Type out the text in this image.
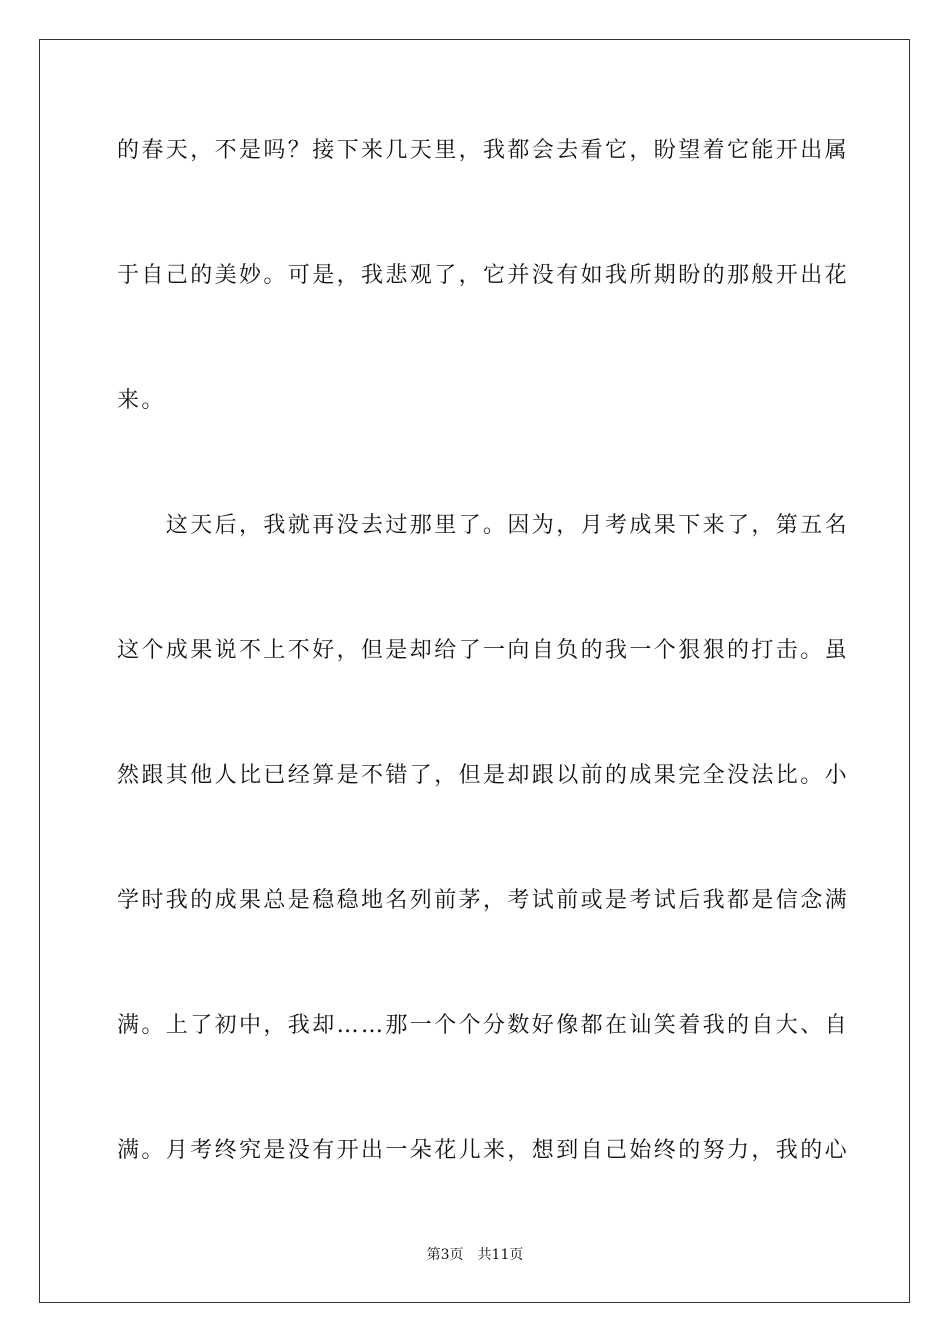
的春天，不是吗？接下来几天里，我都会去看它，盼望着它能开出属
于自己的美妙。可是，我悲观了，它并没有如我所期盼的那般开出花
来。
　　这天后，我就再没去过那里了。因为，月考成果下来了，第五名
这个成果说不上不好，但是却给了一向自负的我一个狠狠的打击。虽
然跟其他人比已经算是不错了，但是却跟以前的成果完全没法比。小
学时我的成果总是稳稳地名列前茅，考试前或是考试后我都是信念满
满。上了初中，我却……那一个个分数好像都在讪笑着我的自大、自
满。月考终究是没有开出一朵花儿来，想到自己始终的努力，我的心
第3页 共11页
